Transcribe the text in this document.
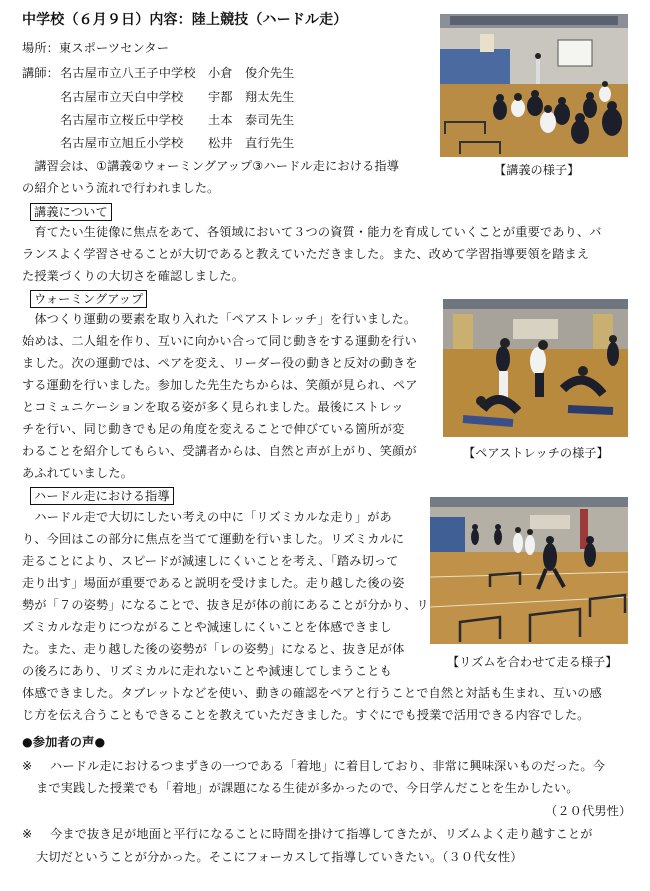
中学校（６月９日）内容：陸上競技（ハードル走）
場所：東スポーツセンター
講師： 名古屋市立八王子中学校　小倉　俊介先生
名古屋市立天白中学校　　宇都　翔太先生
名古屋市立桜丘中学校　　土本　泰司先生
名古屋市立旭丘小学校　　松井　直行先生
　講習会は、①講義②ウォーミングアップ③ハードル走における指導
の紹介という流れで行われました。
【講義の様子】
講義について
　育てたい生徒像に焦点をあて、各領域において３つの資質・能力を育成していくことが重要であり、バ
ランスよく学習させることが大切であると教えていただきました。また、改めて学習指導要領を踏まえ
た授業づくりの大切さを確認しました。
ウォーミングアップ
　体つくり運動の要素を取り入れた「ペアストレッチ」を行いました。
始めは、二人組を作り、互いに向かい合って同じ動きをする運動を行い
ました。次の運動では、ペアを変え、リーダー役の動きと反対の動きを
する運動を行いました。参加した先生たちからは、笑顔が見られ、ペア
とコミュニケーションを取る姿が多く見られました。最後にストレッ
チを行い、同じ動きでも足の角度を変えることで伸びている箇所が変
わることを紹介してもらい、受講者からは、自然と声が上がり、笑顔が
あふれていました。
【ペアストレッチの様子】
ハードル走における指導
　ハードル走で大切にしたい考えの中に「リズミカルな走り」があ
り、今回はこの部分に焦点を当てて運動を行いました。リズミカルに
走ることにより、スピードが減速しにくいことを考え、「踏み切って
走り出す」場面が重要であると説明を受けました。走り越した後の姿
勢が「７の姿勢」になることで、抜き足が体の前にあることが分かり、リ
ズミカルな走りにつながることや減速しにくいことを体感できまし
た。また、走り越した後の姿勢が「レの姿勢」になると、抜き足が体
の後ろにあり、リズミカルに走れないことや減速してしまうことも
体感できました。タブレットなどを使い、動きの確認をペアと行うことで自然と対話も生まれ、互いの感
じ方を伝え合うこともできることを教えていただきました。すぐにでも授業で活用できる内容でした。
【リズムを合わせて走る様子】
●参加者の声●
※ ハードル走におけるつまずきの一つである「着地」に着目しており、非常に興味深いものだった。今
まで実践した授業でも「着地」が課題になる生徒が多かったので、今日学んだことを生かしたい。
（２０代男性）
※ 今まで抜き足が地面と平行になることに時間を掛けて指導してきたが、リズムよく走り越すことが
大切だということが分かった。そこにフォーカスして指導していきたい。（３０代女性）
